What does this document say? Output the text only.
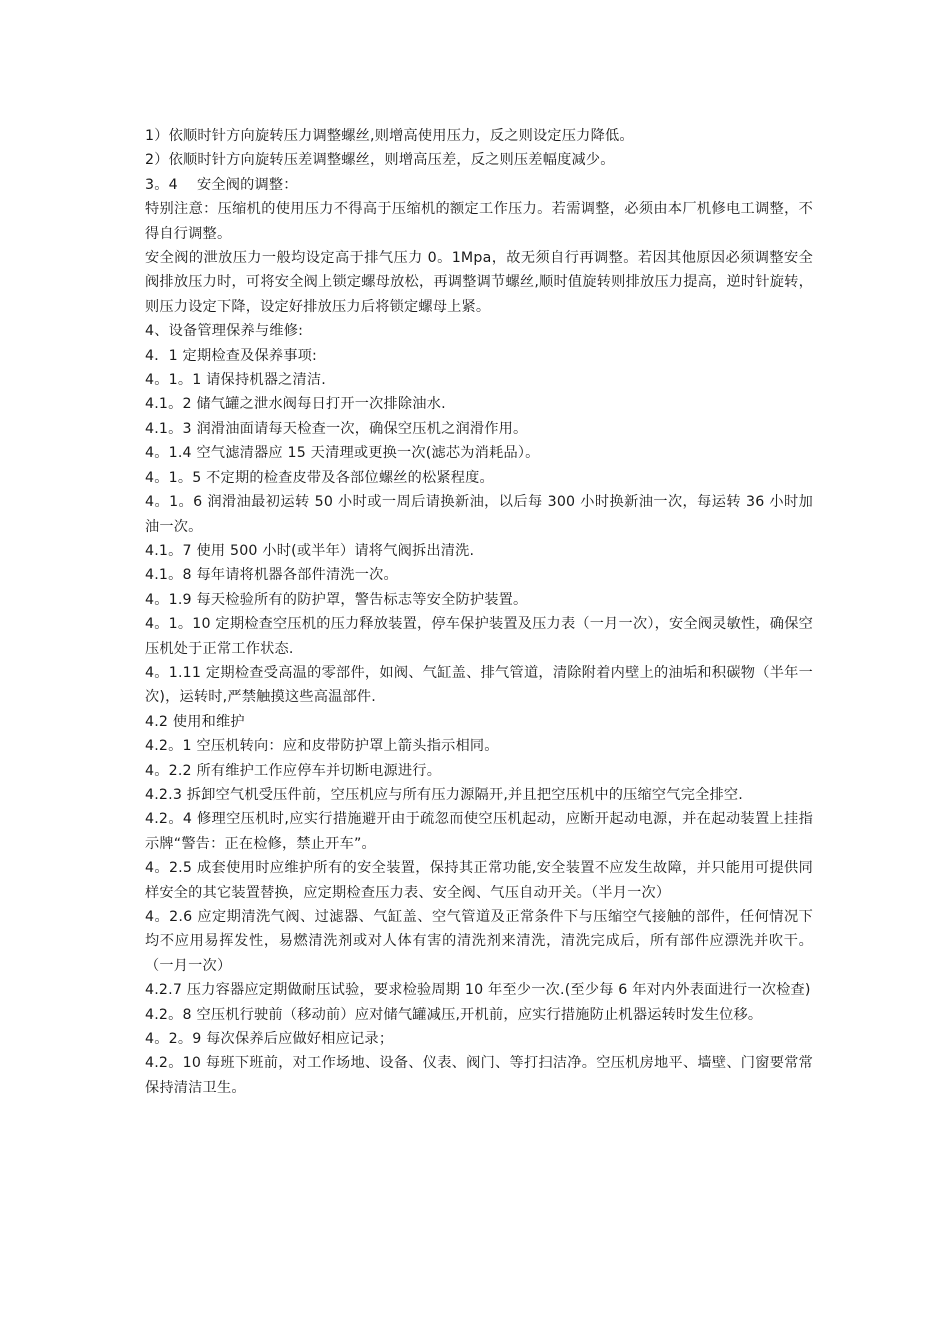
1）依顺时针方向旋转压力调整螺丝,则增高使用压力，反之则设定压力降低。

2）依顺时针方向旋转压差调整螺丝，则增高压差，反之则压差幅度减少。

3。4　 安全阀的调整：

特别注意：压缩机的使用压力不得高于压缩机的额定工作压力。若需调整，必须由本厂机修电工调整，不得自行调整。

安全阀的泄放压力一般均设定高于排气压力 0。1Mpa，故无须自行再调整。若因其他原因必须调整安全阀排放压力时，可将安全阀上锁定螺母放松，再调整调节螺丝,顺时值旋转则排放压力提高，逆时针旋转，则压力设定下降，设定好排放压力后将锁定螺母上紧。

4、设备管理保养与维修:

4．1 定期检查及保养事项:

4。1。1 请保持机器之清洁.

4.1。2 储气罐之泄水阀每日打开一次排除油水.

4.1。3 润滑油面请每天检查一次，确保空压机之润滑作用。

4。1.4 空气滤清器应 15 天清理或更换一次(滤芯为消耗品）。

4。1。5 不定期的检查皮带及各部位螺丝的松紧程度。

4。1。6 润滑油最初运转 50 小时或一周后请换新油，以后每 300 小时换新油一次，每运转 36 小时加油一次。

4.1。7 使用 500 小时(或半年）请将气阀拆出清洗.

4.1。8 每年请将机器各部件清洗一次。

4。1.9 每天检验所有的防护罩，警告标志等安全防护装置。

4。1。10 定期检查空压机的压力释放装置，停车保护装置及压力表（一月一次），安全阀灵敏性，确保空压机处于正常工作状态.

4。1.11 定期检查受高温的零部件，如阀、气缸盖、排气管道，清除附着内壁上的油垢和积碳物（半年一次)，运转时,严禁触摸这些高温部件.

4.2 使用和维护

4.2。1 空压机转向：应和皮带防护罩上箭头指示相同。

4。2.2 所有维护工作应停车并切断电源进行。

4.2.3 拆卸空气机受压件前，空压机应与所有压力源隔开,并且把空压机中的压缩空气完全排空.

4.2。4 修理空压机时,应实行措施避开由于疏忽而使空压机起动，应断开起动电源，并在起动装置上挂指示牌“警告：正在检修，禁止开车”。

4。2.5 成套使用时应维护所有的安全装置，保持其正常功能,安全装置不应发生故障，并只能用可提供同样安全的其它装置替换，应定期检查压力表、安全阀、气压自动开关。（半月一次）

4。2.6 应定期清洗气阀、过滤器、气缸盖、空气管道及正常条件下与压缩空气接触的部件，任何情况下均不应用易挥发性，易燃清洗剂或对人体有害的清洗剂来清洗，清洗完成后，所有部件应漂洗并吹干。（一月一次）

4.2.7 压力容器应定期做耐压试验，要求检验周期 10 年至少一次.(至少每 6 年对内外表面进行一次检查)

4.2。8 空压机行驶前（移动前）应对储气罐减压,开机前，应实行措施防止机器运转时发生位移。

4。2。9 每次保养后应做好相应记录；

4.2。10 每班下班前，对工作场地、设备、仪表、阀门、等打扫洁净。空压机房地平、墙壁、门窗要常常保持清洁卫生。
